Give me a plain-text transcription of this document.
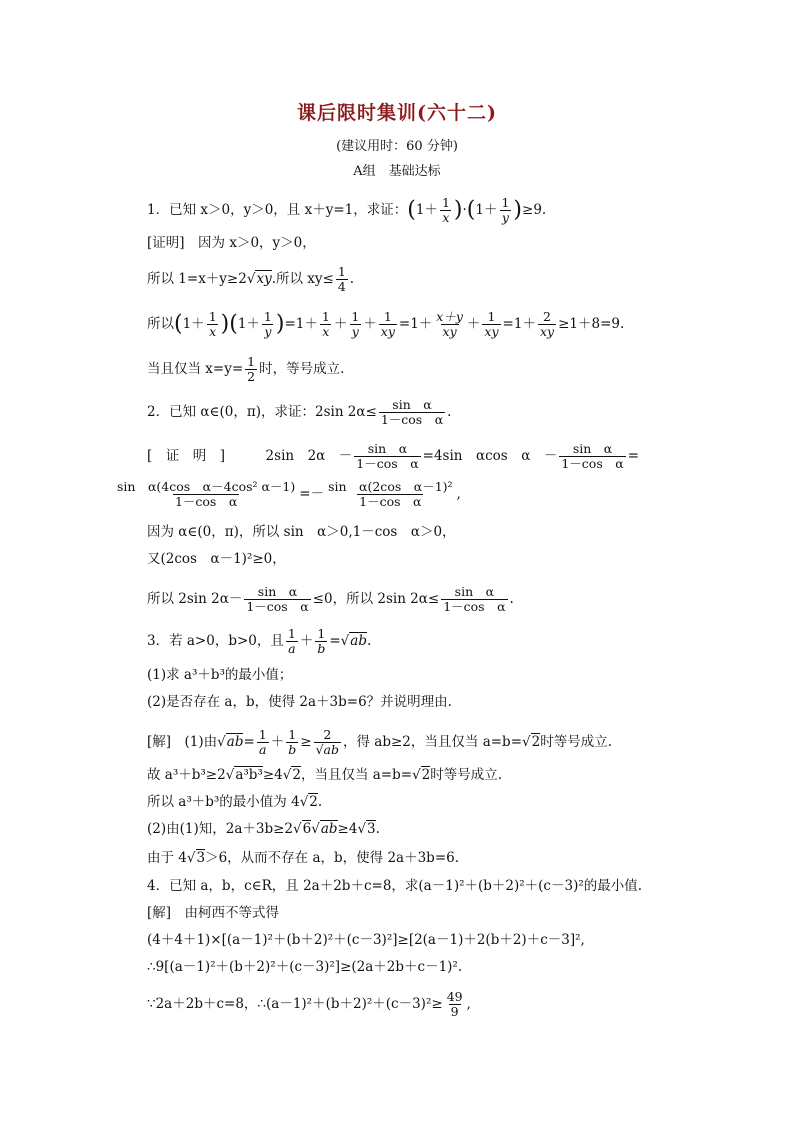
课后限时集训(六十二)
(建议用时：60 分钟)
A组　基础达标
1．已知 x＞0，y＞0，且 x＋y=1，求证：$(1+ \frac{1}{x} )\cdot(1+ \frac{1}{y} )\ge 9$.
[证明]　因为 x＞0，y＞0，
所以 1=x＋y≥2√xy.所以 $xy\le \frac{1}{4}$ .
所以$(1+ \frac{1}{x} )(1+ \frac{1}{y} )=1+ \frac{1}{x} + \frac{1}{y} + \frac{1}{xy} =1+ \frac{x+y}{xy} + \frac{1}{xy} =1+ \frac{2}{xy} \ge 1+8=9$.
当且仅当 $x=y= \frac{1}{2}$ 时，等号成立.
2．已知 α∈(0，π)，求证：2sin $2\alpha\le \frac{\text{sin　α}}{\text{1－cos　α}}$ .
[　证　明　]　　　	2sin　2α　－ $\frac{\text{sin　α}}{\text{1－cos　α}} =4\sin$　αcos　α　－ $\frac{\text{sin　α}}{\text{1－cos　α}}$ =
$\frac{\text{sin　α(4cos　α－4cos² α－1)}}{\text{1－cos　α}} =- \frac{\text{sin　α(2cos　α－1)²}}{\text{1－cos　α}}$ ,
因为 α∈(0，π)，所以 sin　α＞0,1－cos　α＞0，
又(2cos　α－1)²≥0，
所以 2sin $2\alpha- \frac{\text{sin　α}}{\text{1－cos　α}} \le 0$，所以 2sin $2\alpha\le \frac{\text{sin　α}}{\text{1－cos　α}}$ .
3．若 a>0，b>0，且 $\frac{1}{a} + \frac{1}{b} =√ab$.
(1)求 a³＋b³的最小值；
(2)是否存在 a，b，使得 2a＋3b=6？并说明理由.
[解]　(1)由$√ab= \frac{1}{a} + \frac{1}{b} \ge \frac{2}{√ab}$ ，得 ab≥2，当且仅当 a=b=√2时等号成立.
故 a³＋b³≥2√a³b³≥4√2，当且仅当 a=b=√2时等号成立.
所以 a³＋b³的最小值为 4√2.
(2)由(1)知，2a＋3b≥2√6√ab≥4√3.
由于 4√3＞6，从而不存在 a，b，使得 2a＋3b=6.
4．已知 a，b，c∈R，且 2a＋2b＋c=8，求(a－1)²＋(b＋2)²＋(c－3)²的最小值.
[解]　由柯西不等式得
(4＋4＋1)×[(a－1)²＋(b＋2)²＋(c－3)²]≥[2(a－1)＋2(b＋2)＋c－3]²,
∴9[(a－1)²＋(b＋2)²＋(c－3)²]≥(2a＋2b＋c－1)².
∵2a＋2b＋c=8，∴(a－1)²＋(b＋2)²＋(c－3)²≥ $\frac{49}{9}$ ,
